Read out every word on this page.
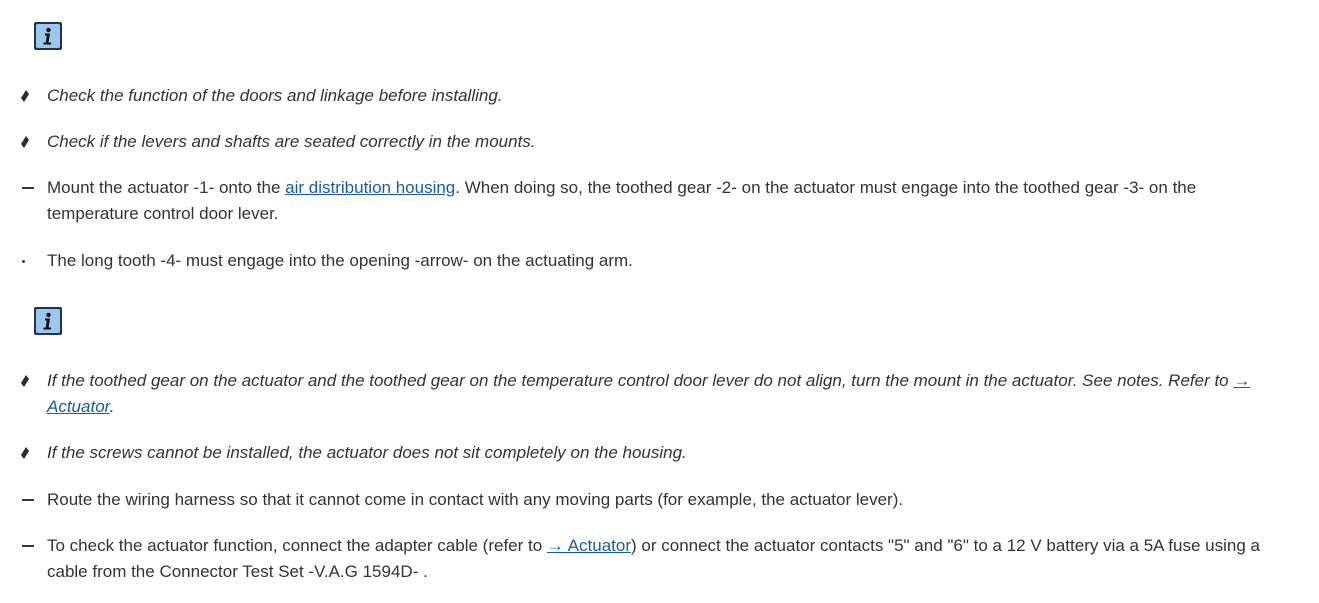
Check the function of the doors and linkage before installing.
Check if the levers and shafts are seated correctly in the mounts.
Mount the actuator -1- onto the air distribution housing. When doing so, the toothed gear -2- on the actuator must engage into the toothed gear -3- on the temperature control door lever.
The long tooth -4- must engage into the opening -arrow- on the actuating arm.
If the toothed gear on the actuator and the toothed gear on the temperature control door lever do not align, turn the mount in the actuator. See notes. Refer to → Actuator.
If the screws cannot be installed, the actuator does not sit completely on the housing.
Route the wiring harness so that it cannot come in contact with any moving parts (for example, the actuator lever).
To check the actuator function, connect the adapter cable (refer to → Actuator) or connect the actuator contacts "5" and "6" to a 12 V battery via a 5A fuse using a cable from the Connector Test Set -V.A.G 1594D- .
